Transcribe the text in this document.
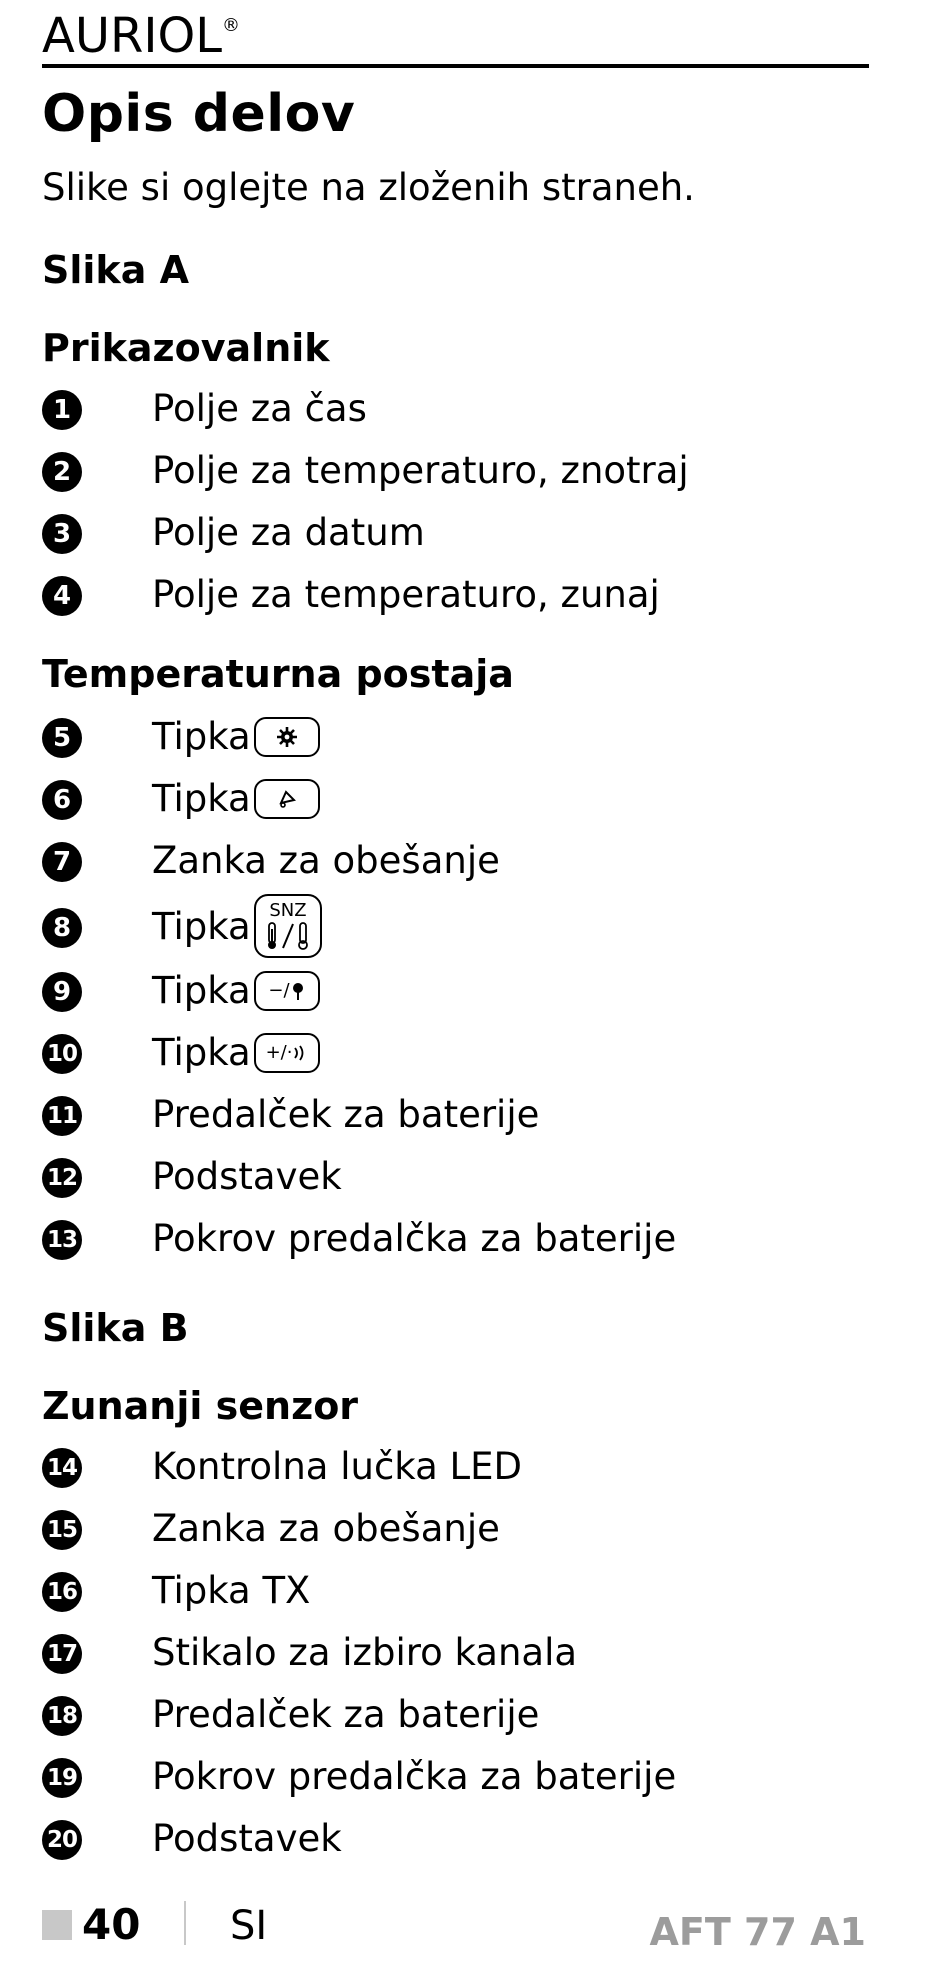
AURIOL®
Opis delov
Slike si oglejte na zloženih straneh.
Slika A
Prikazovalnik
1 Polje za čas
2 Polje za temperaturo, znotraj
3 Polje za datum
4 Polje za temperaturo, zunaj
Temperaturna postaja
5 Tipka
6 Tipka
7 Zanka za obešanje
8 Tipka SNZ
9 Tipka −/
10 Tipka +/·
11 Predalček za baterije
12 Podstavek
13 Pokrov predalčka za baterije
Slika B
Zunanji senzor
14 Kontrolna lučka LED
15 Zanka za obešanje
16 Tipka TX
17 Stikalo za izbiro kanala
18 Predalček za baterije
19 Pokrov predalčka za baterije
20 Podstavek
40 SI	AFT 77 A1
